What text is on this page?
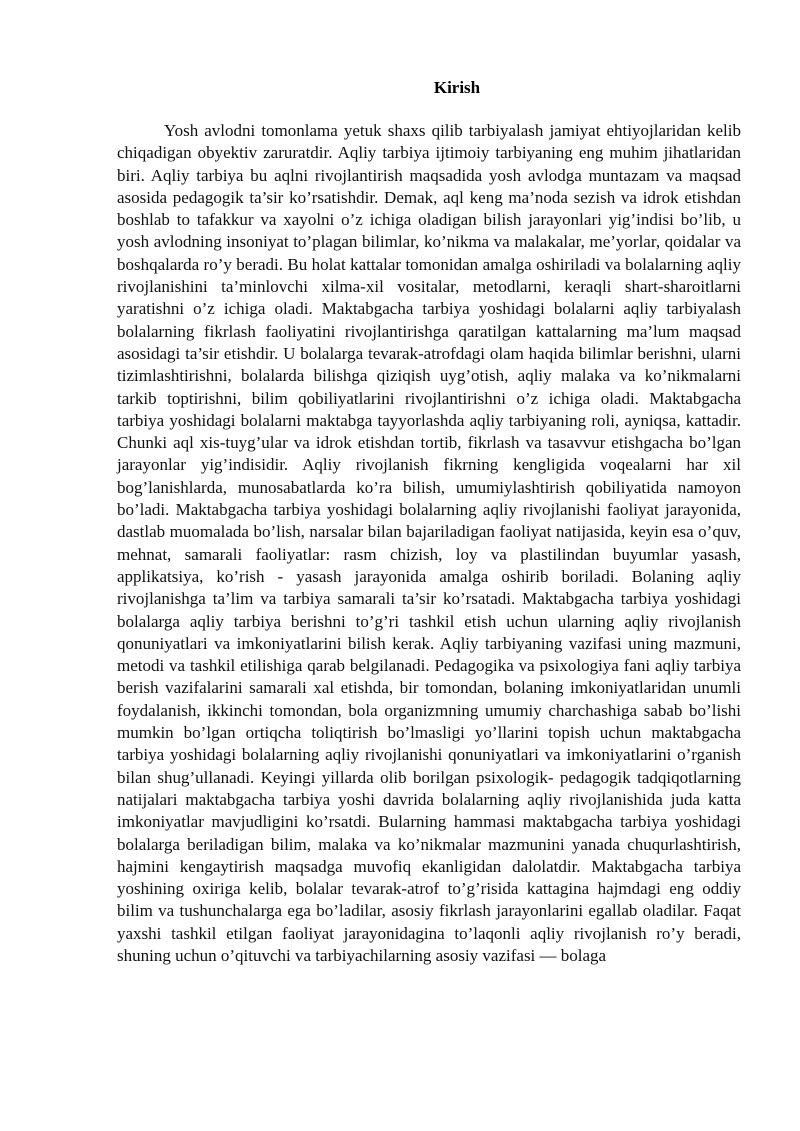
Kirish

Yosh avlodni tomonlama yetuk shaxs qilib tarbiyalash jamiyat ehtiyojlaridan kelib chiqadigan obyektiv zaruratdir. Aqliy tarbiya ijtimoiy tarbiyaning eng muhim jihatlaridan biri. Aqliy tarbiya bu aqlni rivojlantirish maqsadida yosh avlodga muntazam va maqsad asosida pedagogik ta’sir ko’rsatishdir. Demak, aql keng ma’noda sezish va idrok etishdan boshlab to tafakkur va xayolni o’z ichiga oladigan bilish jarayonlari yig’indisi bo’lib, u yosh avlodning insoniyat to’plagan bilimlar, ko’nikma va malakalar, me’yorlar, qoidalar va boshqalarda ro’y beradi. Bu holat kattalar tomonidan amalga oshiriladi va bolalarning aqliy rivojlanishini ta’minlovchi xilma-xil vositalar, metodlarni, keraqli shart-sharoitlarni yaratishni o’z ichiga oladi. Maktabgacha tarbiya yoshidagi bolalarni aqliy tarbiyalash bolalarning fikrlash faoliyatini rivojlantirishga qaratilgan kattalarning ma’lum maqsad asosidagi ta’sir etishdir. U bolalarga tevarak-atrofdagi olam haqida bilimlar berishni, ularni tizimlashtirishni, bolalarda bilishga qiziqish uyg’otish, aqliy malaka va ko’nikmalarni tarkib toptirishni, bilim qobiliyatlarini rivojlantirishni o’z ichiga oladi. Maktabgacha tarbiya yoshidagi bolalarni maktabga tayyorlashda aqliy tarbiyaning roli, ayniqsa, kattadir. Chunki aql xis-tuyg’ular va idrok etishdan tortib, fikrlash va tasavvur etishgacha bo’lgan jarayonlar yig’indisidir. Aqliy rivojlanish fikrning kengligida voqealarni har xil bog’lanishlarda, munosabatlarda ko’ra bilish, umumiylashtirish qobiliyatida namoyon bo’ladi. Maktabgacha tarbiya yoshidagi bolalarning aqliy rivojlanishi faoliyat jarayonida, dastlab muomalada bo’lish, narsalar bilan bajariladigan faoliyat natijasida, keyin esa o’quv, mehnat, samarali faoliyatlar: rasm chizish, loy va plastilindan buyumlar yasash, applikatsiya, ko’rish - yasash jarayonida amalga oshirib boriladi. Bolaning aqliy rivojlanishga ta’lim va tarbiya samarali ta’sir ko’rsatadi. Maktabgacha tarbiya yoshidagi bolalarga aqliy tarbiya berishni to’g’ri tashkil etish uchun ularning aqliy rivojlanish qonuniyatlari va imkoniyatlarini bilish kerak. Aqliy tarbiyaning vazifasi uning mazmuni, metodi va tashkil etilishiga qarab belgilanadi. Pedagogika va psixologiya fani aqliy tarbiya berish vazifalarini samarali xal etishda, bir tomondan, bolaning imkoniyatlaridan unumli foydalanish, ikkinchi tomondan, bola organizmning umumiy charchashiga sabab bo’lishi mumkin bo’lgan ortiqcha toliqtirish bo’lmasligi yo’llarini topish uchun maktabgacha tarbiya yoshidagi bolalarning aqliy rivojlanishi qonuniyatlari va imkoniyatlarini o’rganish bilan shug’ullanadi. Keyingi yillarda olib borilgan psixologik- pedagogik tadqiqotlarning natijalari maktabgacha tarbiya yoshi davrida bolalarning aqliy rivojlanishida juda katta imkoniyatlar mavjudligini ko’rsatdi. Bularning hammasi maktabgacha tarbiya yoshidagi bolalarga beriladigan bilim, malaka va ko’nikmalar mazmunini yanada chuqurlashtirish, hajmini kengaytirish maqsadga muvofiq ekanligidan dalolatdir. Maktabgacha tarbiya yoshining oxiriga kelib, bolalar tevarak-atrof to’g’risida kattagina hajmdagi eng oddiy bilim va tushunchalarga ega bo’ladilar, asosiy fikrlash jarayonlarini egallab oladilar. Faqat yaxshi tashkil etilgan faoliyat jarayonidagina to’laqonli aqliy rivojlanish ro’y beradi, shuning uchun o’qituvchi va tarbiyachilarning asosiy vazifasi — bolaga
